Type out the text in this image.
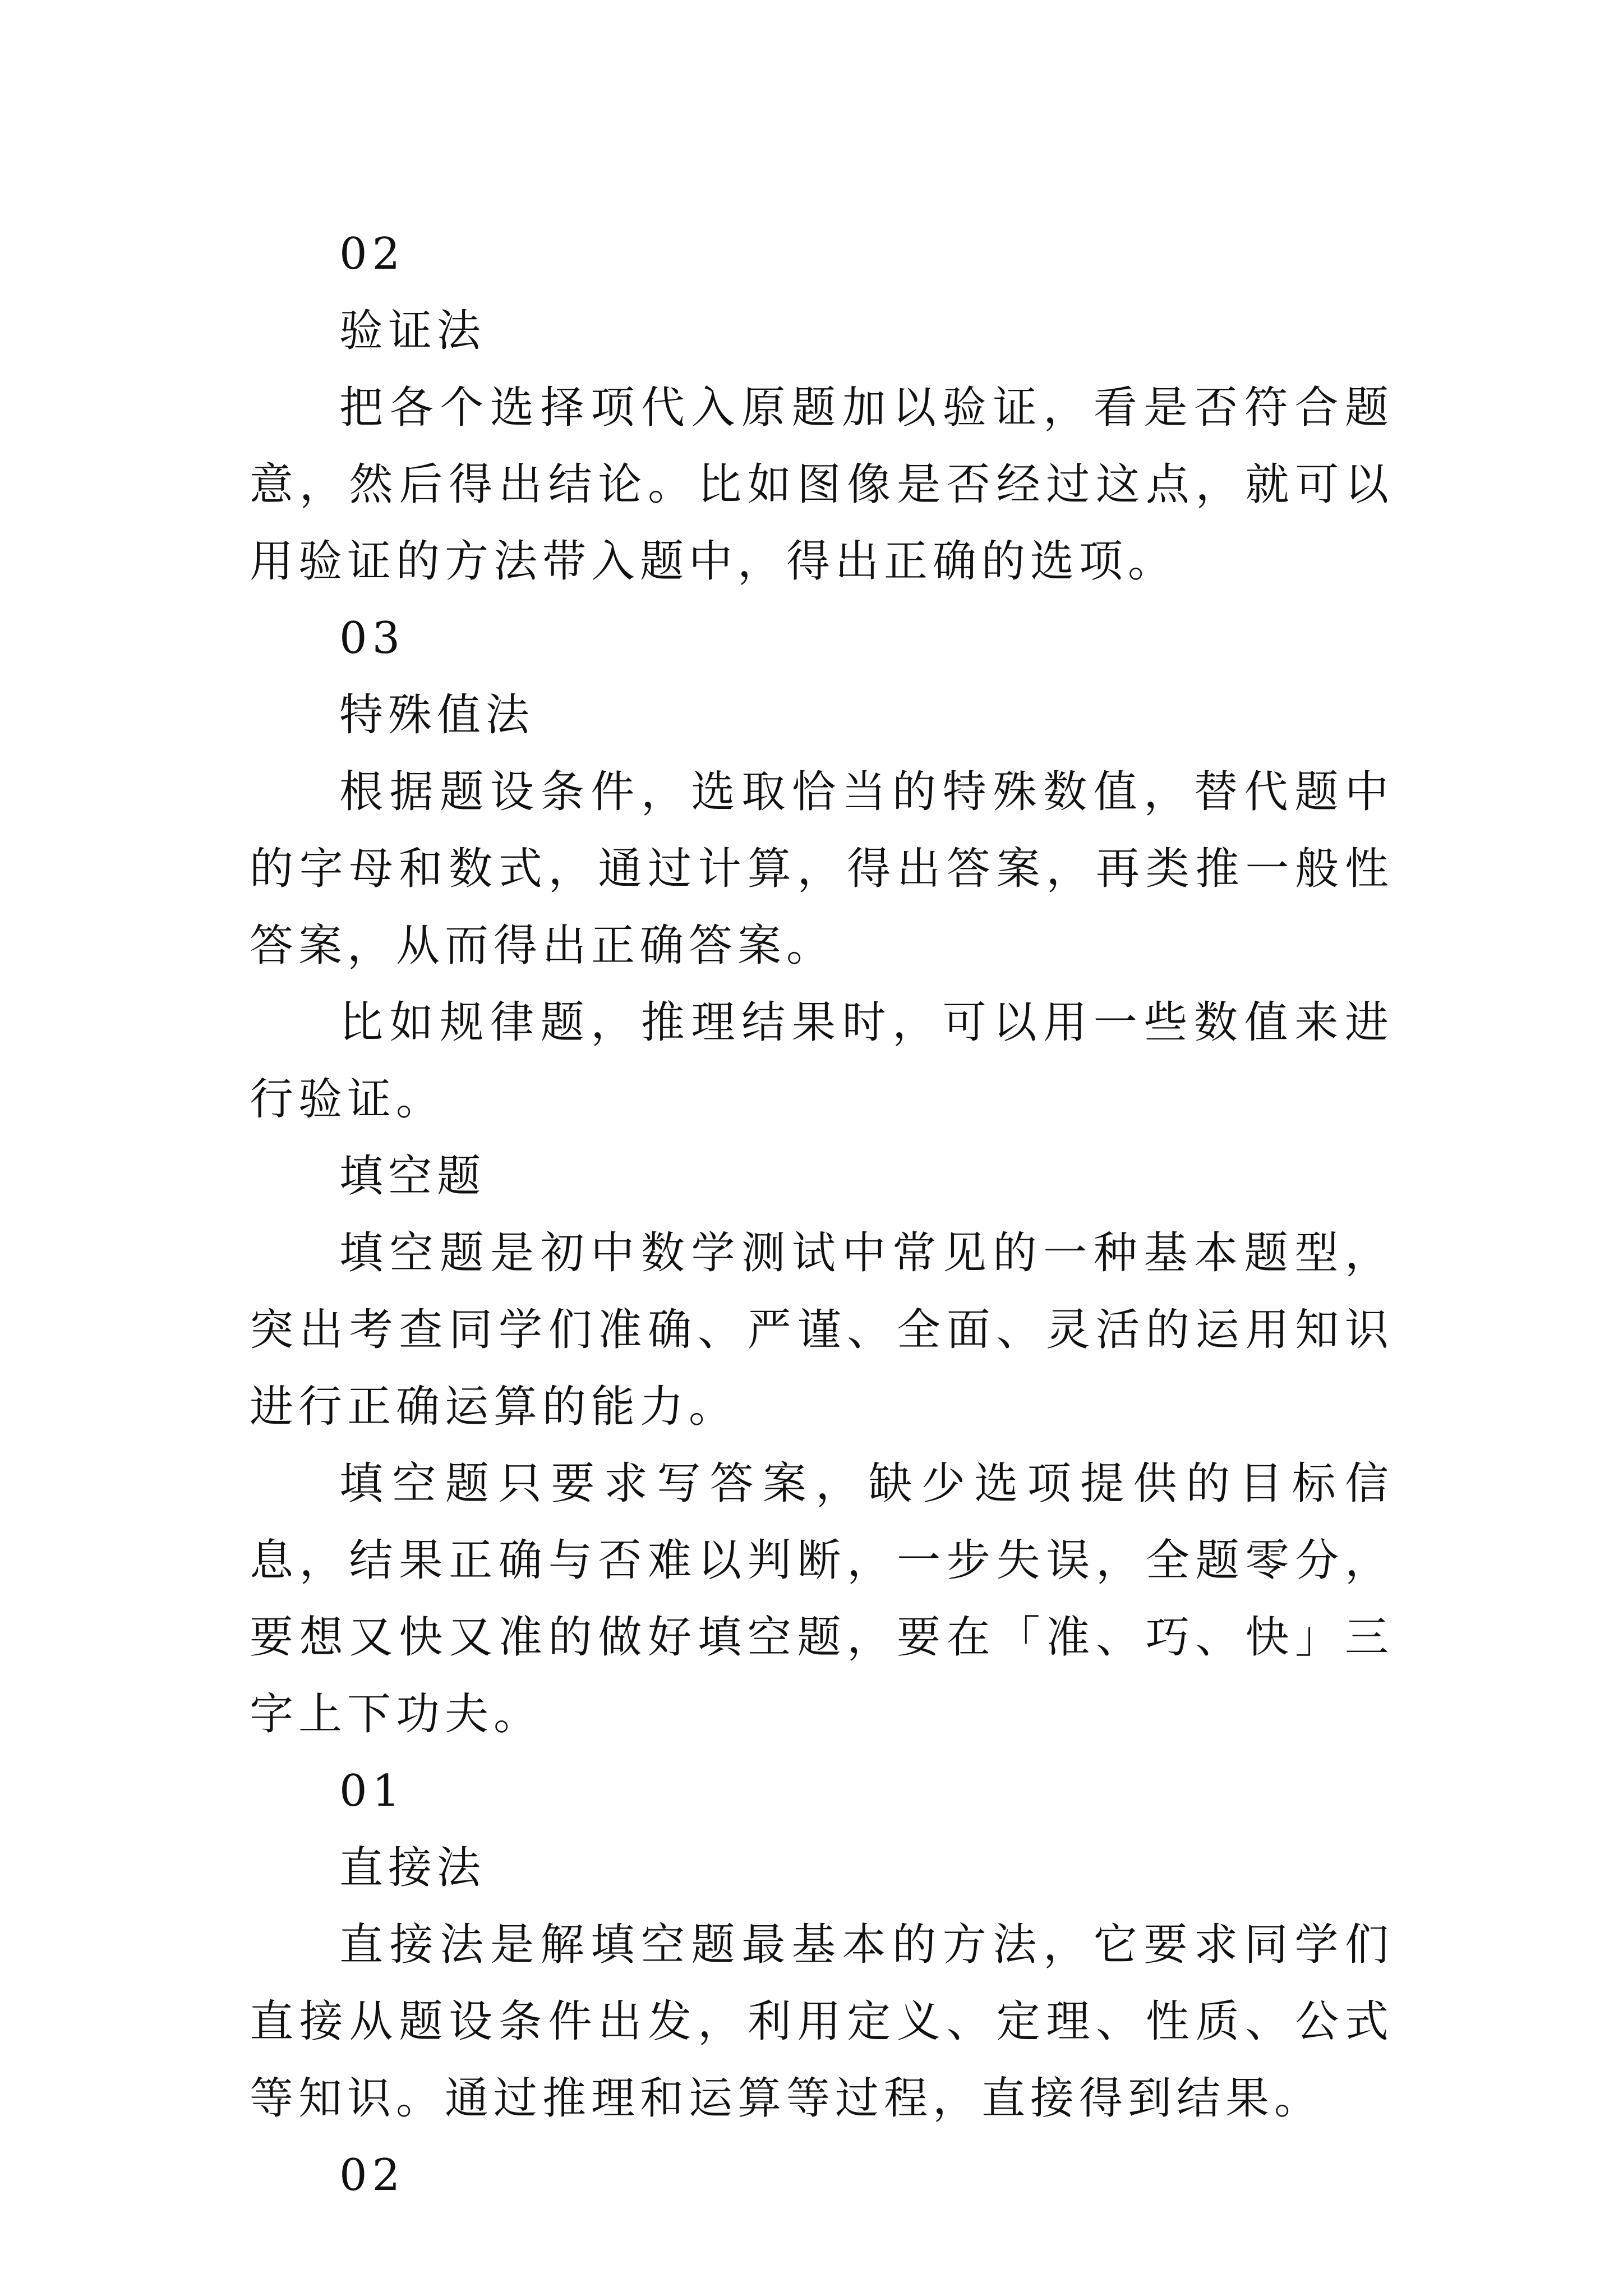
02

验证法

把各个选择项代入原题加以验证，看是否符合题意，然后得出结论。比如图像是否经过这点，就可以用验证的方法带入题中，得出正确的选项。

03

特殊值法

根据题设条件，选取恰当的特殊数值，替代题中的字母和数式，通过计算，得出答案，再类推一般性答案，从而得出正确答案。

比如规律题，推理结果时，可以用一些数值来进行验证。

填空题

填空题是初中数学测试中常见的一种基本题型，突出考查同学们准确、严谨、全面、灵活的运用知识进行正确运算的能力。

填空题只要求写答案，缺少选项提供的目标信息，结果正确与否难以判断，一步失误，全题零分，要想又快又准的做好填空题，要在「准、巧、快」三字上下功夫。

01

直接法

直接法是解填空题最基本的方法，它要求同学们直接从题设条件出发，利用定义、定理、性质、公式等知识。通过推理和运算等过程，直接得到结果。

02
